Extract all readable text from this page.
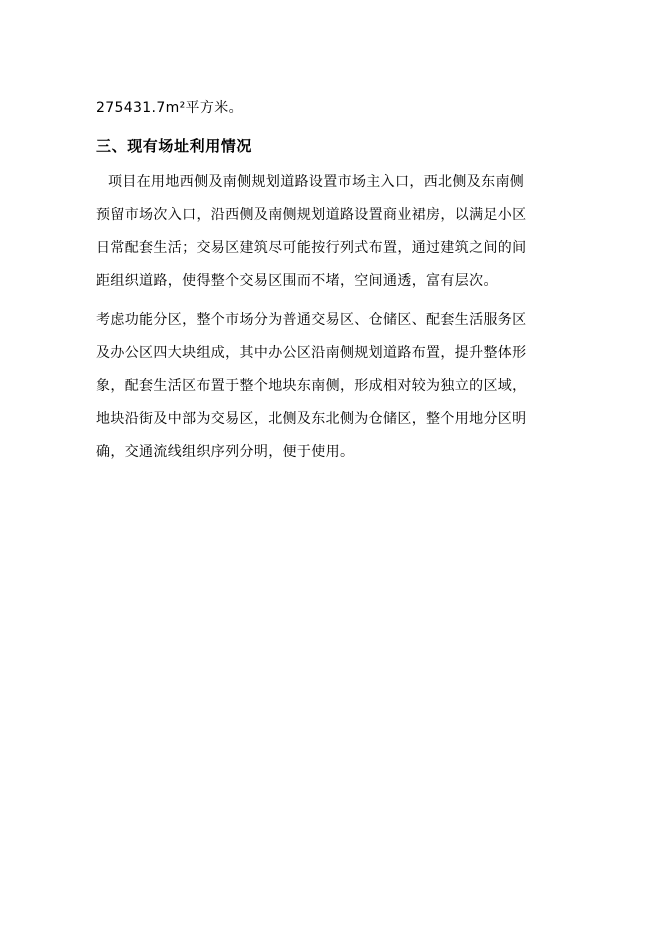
275431.7m²平方米。
三、现有场址利用情况
项目在用地西侧及南侧规划道路设置市场主入口，西北侧及东南侧
预留市场次入口，沿西侧及南侧规划道路设置商业裙房，以满足小区
日常配套生活；交易区建筑尽可能按行列式布置，通过建筑之间的间
距组织道路，使得整个交易区围而不堵，空间通透，富有层次。
考虑功能分区，整个市场分为普通交易区、仓储区、配套生活服务区
及办公区四大块组成，其中办公区沿南侧规划道路布置，提升整体形
象，配套生活区布置于整个地块东南侧，形成相对较为独立的区域，
地块沿街及中部为交易区，北侧及东北侧为仓储区，整个用地分区明
确，交通流线组织序列分明，便于使用。
